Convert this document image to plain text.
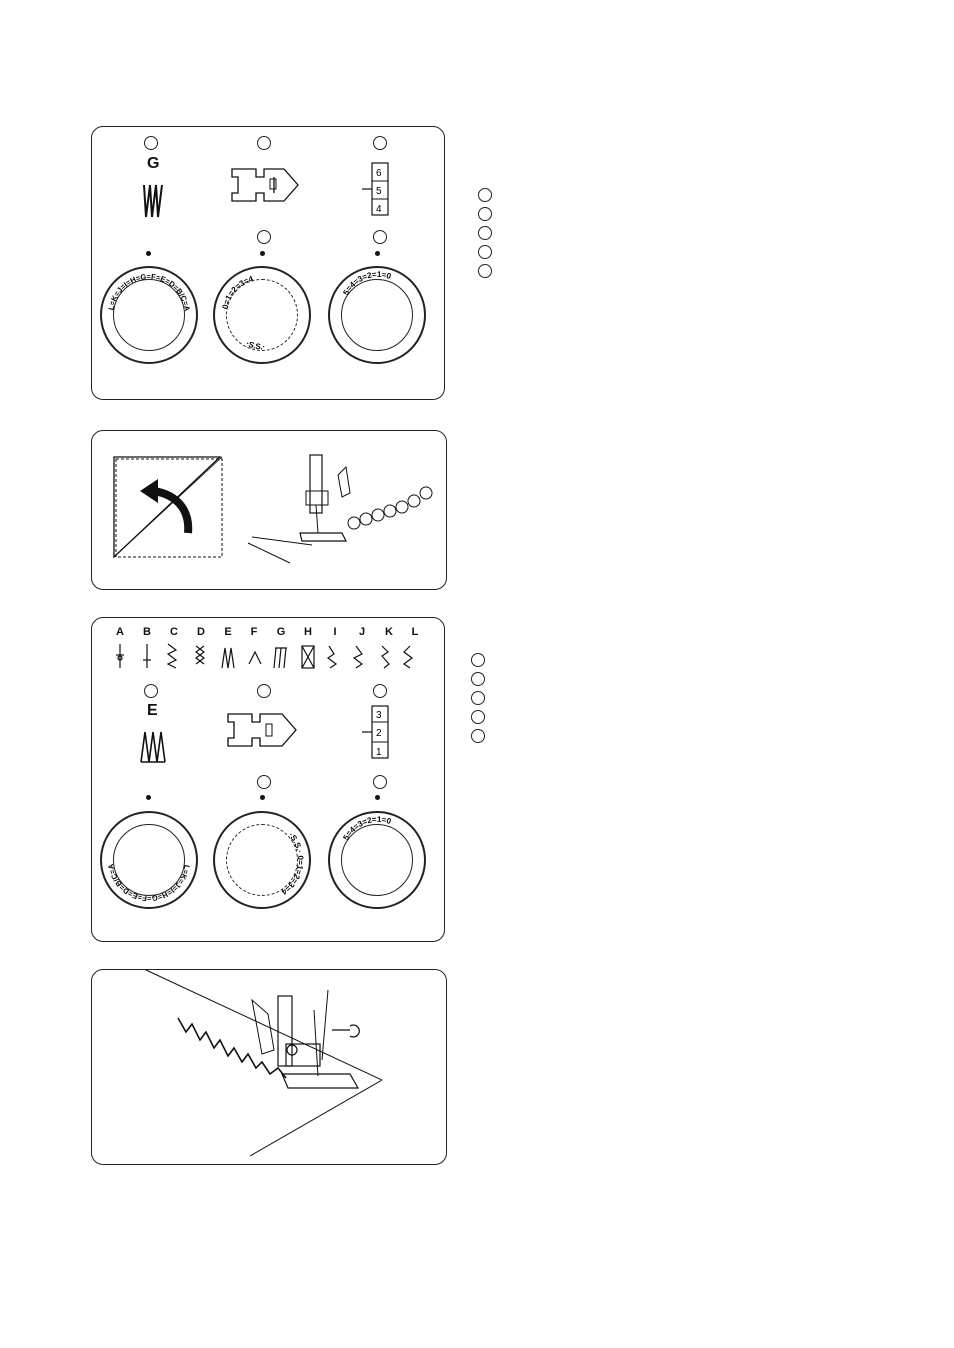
G
6
5
4
L=K=J=I=H=G=F=E=D=B/C=A	0=1=2=3=4
·S.S.·
5=4=3=2=1=0
A B C D	E	F	G H	I	J	K	L
E	3
2
1
L=K=J=I=H=G=F=E=D=B/C=A
·S.S.· 0=1=2=3=4
5=4=3=2=1=0
